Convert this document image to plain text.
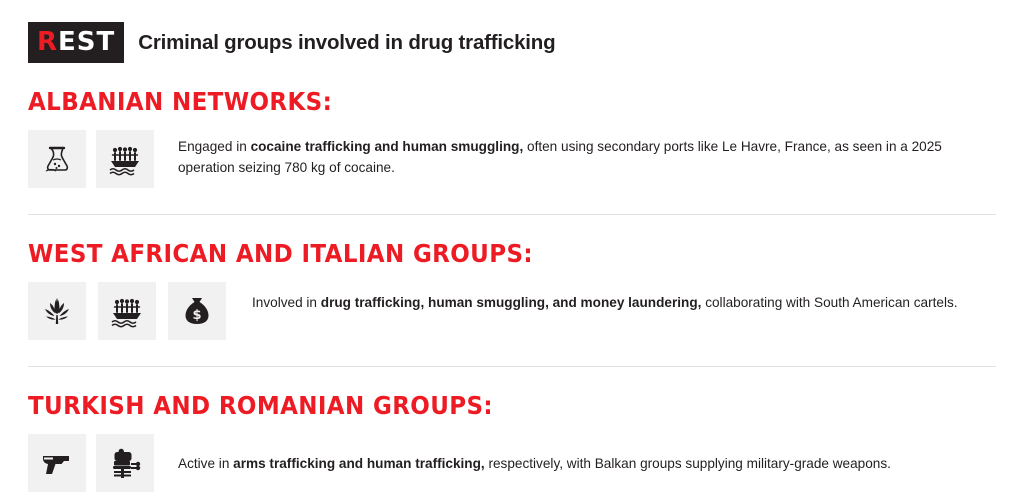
REST	Criminal groups involved in drug trafficking
ALBANIAN NETWORKS:
Engaged in cocaine trafficking and human smuggling, often using secondary ports like Le Havre, France, as seen in a 2025 operation seizing 780 kg of cocaine.
WEST AFRICAN AND ITALIAN GROUPS:
$
Involved in drug trafficking, human smuggling, and money laundering, collaborating with South American cartels.
TURKISH AND ROMANIAN GROUPS:
Active in arms trafficking and human trafficking, respectively, with Balkan groups supplying military-grade weapons.
